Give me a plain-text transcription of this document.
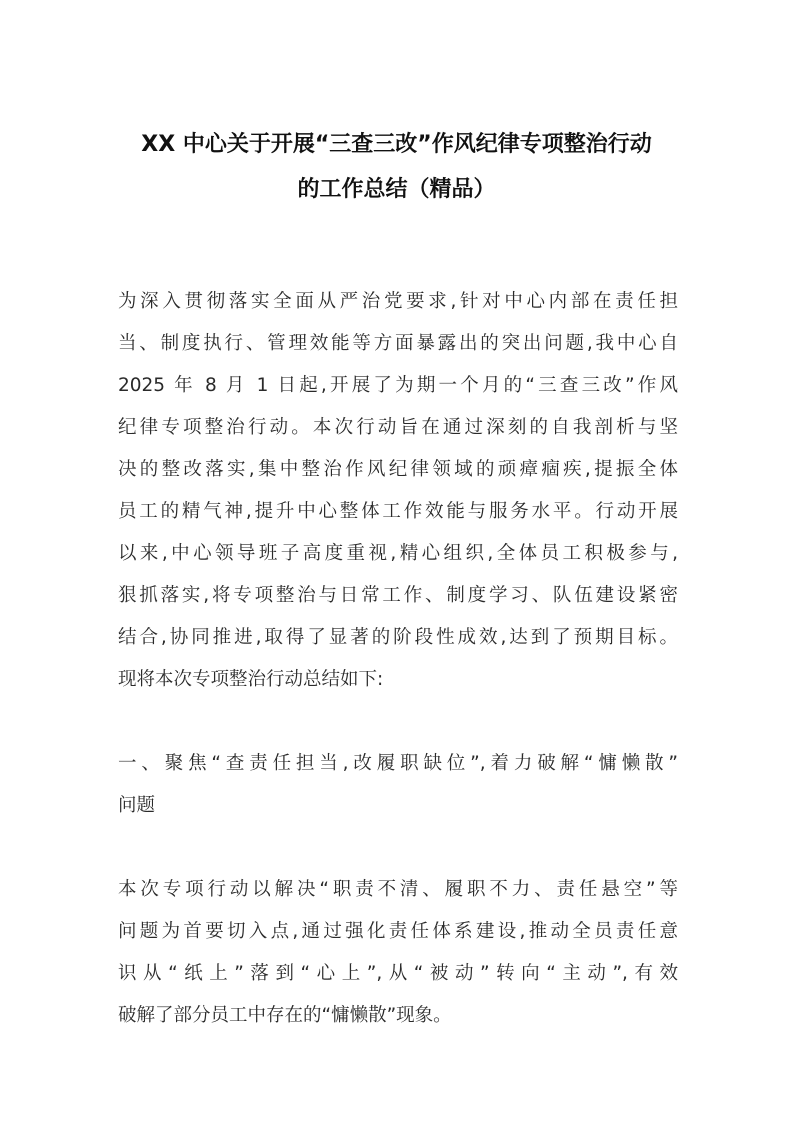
XX 中心关于开展“三查三改”作风纪律专项整治行动
的工作总结（精品）
为深入贯彻落实全面从严治党要求,针对中心内部在责任担
当、制度执行、管理效能等方面暴露出的突出问题,我中心自
2025 年 8 月 1 日起,开展了为期一个月的“三查三改”作风
纪律专项整治行动。本次行动旨在通过深刻的自我剖析与坚
决的整改落实,集中整治作风纪律领域的顽瘴痼疾,提振全体
员工的精气神,提升中心整体工作效能与服务水平。行动开展
以来,中心领导班子高度重视,精心组织,全体员工积极参与,
狠抓落实,将专项整治与日常工作、制度学习、队伍建设紧密
结合,协同推进,取得了显著的阶段性成效,达到了预期目标。
现将本次专项整治行动总结如下:
一、聚焦“查责任担当,改履职缺位”,着力破解“慵懒散”
问题
本次专项行动以解决“职责不清、履职不力、责任悬空”等
问题为首要切入点,通过强化责任体系建设,推动全员责任意
识从“纸上”落到“心上”,从“被动”转向“主动”,有效
破解了部分员工中存在的“慵懒散”现象。
